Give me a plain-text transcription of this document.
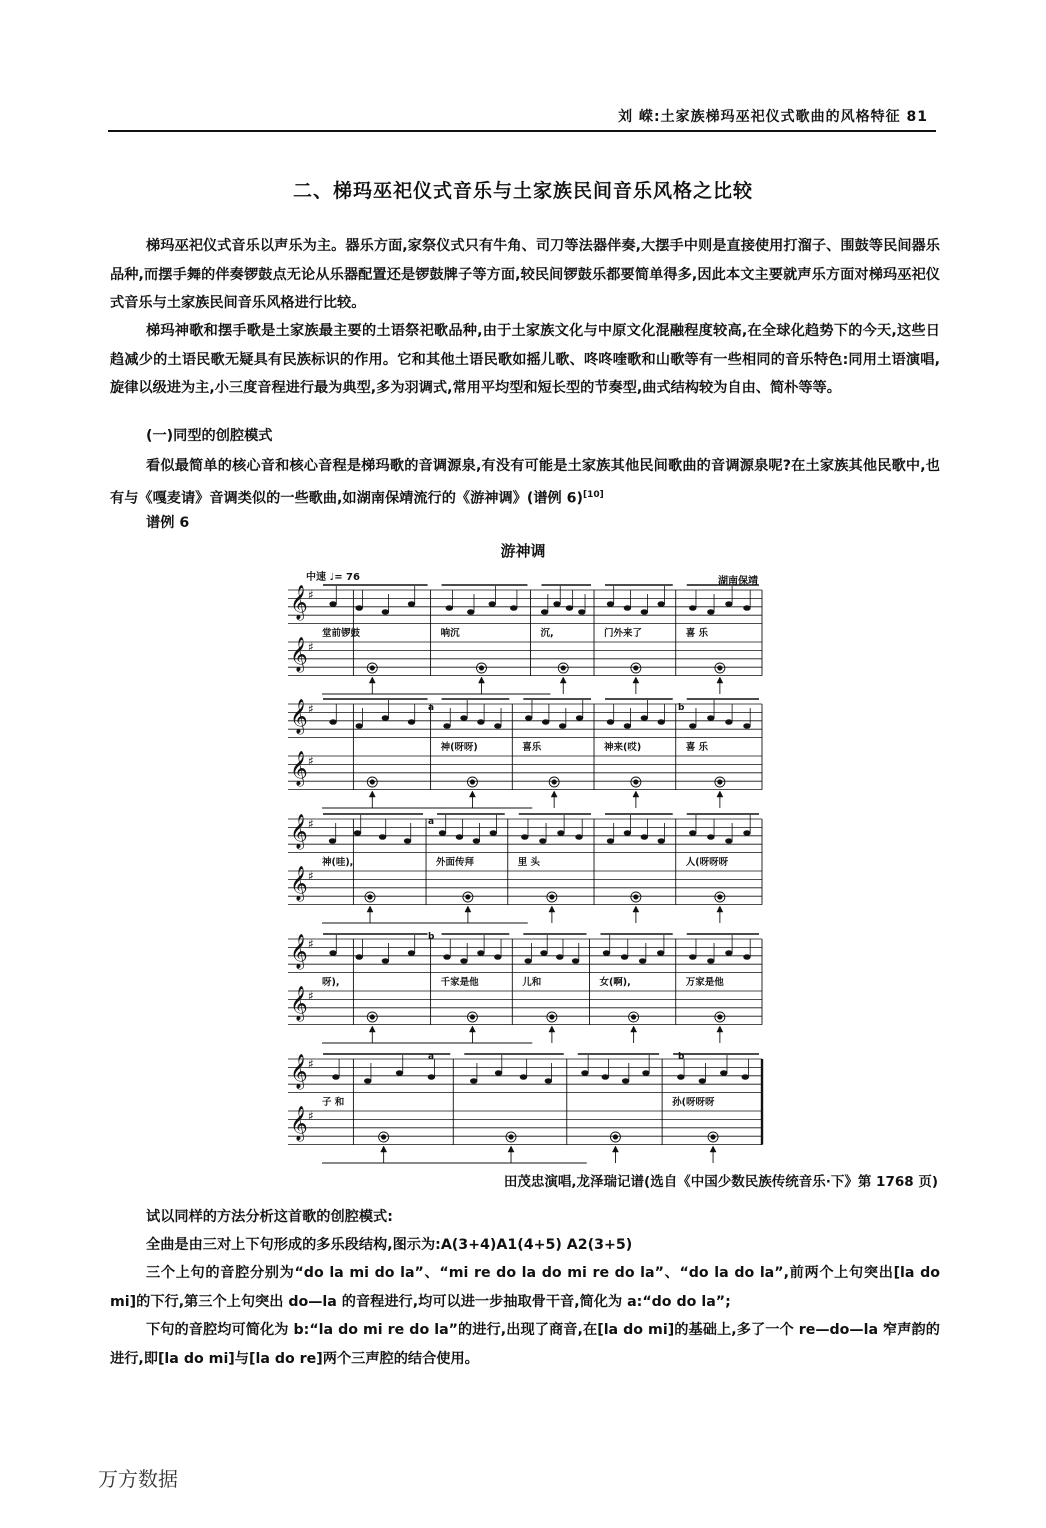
刘 嵘:土家族梯玛巫祀仪式歌曲的风格特征 81
二、梯玛巫祀仪式音乐与土家族民间音乐风格之比较

梯玛巫祀仪式音乐以声乐为主。器乐方面,家祭仪式只有牛角、司刀等法器伴奏,大摆手中则是直接使用打溜子、围鼓等民间器乐品种,而摆手舞的伴奏锣鼓点无论从乐器配置还是锣鼓牌子等方面,较民间锣鼓乐都要简单得多,因此本文主要就声乐方面对梯玛巫祀仪式音乐与土家族民间音乐风格进行比较。

梯玛神歌和摆手歌是土家族最主要的土语祭祀歌品种,由于土家族文化与中原文化混融程度较高,在全球化趋势下的今天,这些日趋减少的土语民歌无疑具有民族标识的作用。它和其他土语民歌如摇儿歌、咚咚喹歌和山歌等有一些相同的音乐特色:同用土语演唱,旋律以级进为主,小三度音程进行最为典型,多为羽调式,常用平均型和短长型的节奏型,曲式结构较为自由、简朴等等。

(一)同型的创腔模式

看似最简单的核心音和核心音程是梯玛歌的音调源泉,有没有可能是土家族其他民间歌曲的音调源泉呢?在土家族其他民歌中,也有与《嘎麦请》音调类似的一些歌曲,如湖南保靖流行的《游神调》(谱例 6)[10]

谱例 6
游神调
中速 ♩= 76	湖南保靖
𝄞 ♯
𝄞 ♯
堂前锣鼓	响沉	沉,	门外来了	喜 乐
a	b
𝄞 ♯
𝄞 ♯
神(呀呀)	喜乐	神来(哎)	喜 乐
a
𝄞 ♯
𝄞 ♯
神(哇),	外面传拜	里 头	人(呀呀呀
b
𝄞 ♯
𝄞 ♯
呀),	千家是他	儿和	女(啊),	万家是他
a	b
𝄞 ♯
𝄞 ♯
子 和	孙(呀呀呀

试以同样的方法分析这首歌的创腔模式:

全曲是由三对上下句形成的多乐段结构,图示为:A(3+4)A1(4+5) A2(3+5)

三个上句的音腔分别为“do la mi do la”、“mi re do la do mi re do la”、“do la do la”,前两个上句突出[la do mi]的下行,第三个上句突出 do—la 的音程进行,均可以进一步抽取骨干音,简化为 a:“do do la”;

下句的音腔均可简化为 b:“la do mi re do la”的进行,出现了商音,在[la do mi]的基础上,多了一个 re—do—la 窄声韵的进行,即[la do mi]与[la do re]两个三声腔的结合使用。

田茂忠演唱,龙泽瑞记谱(选自《中国少数民族传统音乐·下》第 1768 页)
万方数据
